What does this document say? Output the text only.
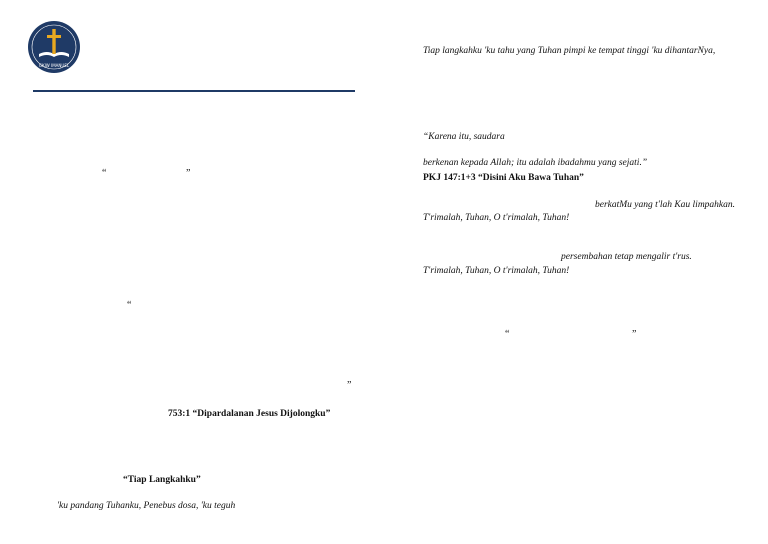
GKJW IMANUEL
“	”
“
”
753:1 “Dipardalanan Jesus Dijolongku”
“Tiap Langkahku”
'ku pandang Tuhanku, Penebus dosa, 'ku teguh
Tiap langkahku 'ku tahu yang Tuhan pimpi ke tempat tinggi 'ku dihantarNya,
“Karena itu, saudara
berkenan kepada Allah; itu adalah ibadahmu yang sejati.”
PKJ 147:1+3 “Disini Aku Bawa Tuhan”
berkatMu yang t'lah Kau limpahkan.
T'rimalah, Tuhan, O t'rimalah, Tuhan!
persembahan tetap mengalir t'rus.
T'rimalah, Tuhan, O t'rimalah, Tuhan!
“	”
